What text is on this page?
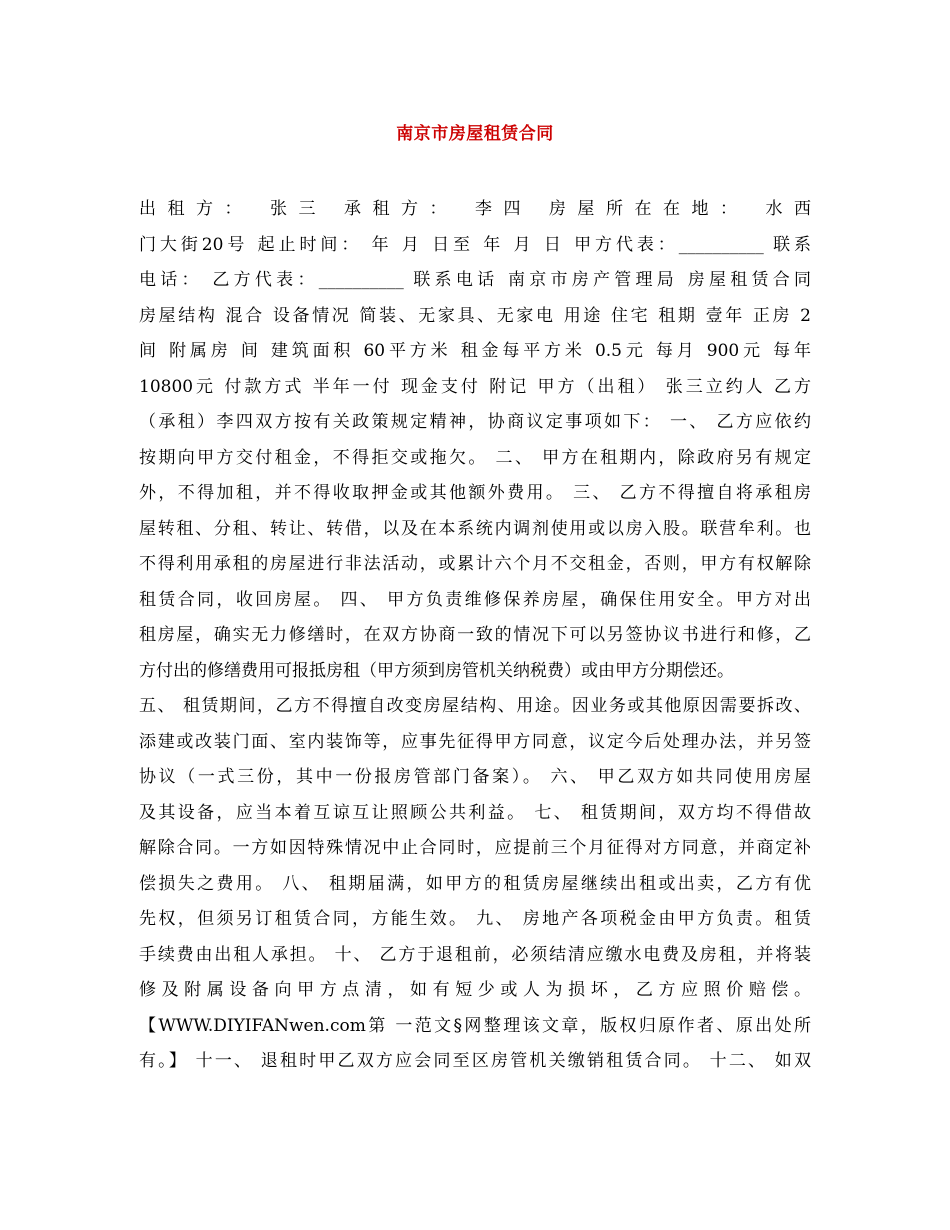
南京市房屋租赁合同
出租方： 张三 承租方： 李四 房屋所在在地： 水西
门大街20号 起止时间： 年 月 日至 年 月 日 甲方代表：__________ 联系
电话： 乙方代表：__________ 联系电话 南京市房产管理局 房屋租赁合同
房屋结构 混合 设备情况 简装、无家具、无家电 用途 住宅 租期 壹年 正房 2
间 附属房 间 建筑面积 60平方米 租金每平方米 0.5元 每月 900元 每年
10800元 付款方式 半年一付 现金支付 附记 甲方（出租） 张三立约人 乙方
（承租）李四双方按有关政策规定精神，协商议定事项如下： 一、 乙方应依约
按期向甲方交付租金，不得拒交或拖欠。 二、 甲方在租期内，除政府另有规定
外，不得加租，并不得收取押金或其他额外费用。 三、 乙方不得擅自将承租房
屋转租、分租、转让、转借，以及在本系统内调剂使用或以房入股。联营牟利。也
不得利用承租的房屋进行非法活动，或累计六个月不交租金，否则，甲方有权解除
租赁合同，收回房屋。 四、 甲方负责维修保养房屋，确保住用安全。甲方对出
租房屋，确实无力修缮时，在双方协商一致的情况下可以另签协议书进行和修，乙
方付出的修缮费用可报抵房租（甲方须到房管机关纳税费）或由甲方分期偿还。
五、 租赁期间，乙方不得擅自改变房屋结构、用途。因业务或其他原因需要拆改、
添建或改装门面、室内装饰等，应事先征得甲方同意，议定今后处理办法，并另签
协议（一式三份，其中一份报房管部门备案）。 六、 甲乙双方如共同使用房屋
及其设备，应当本着互谅互让照顾公共利益。 七、 租赁期间，双方均不得借故
解除合同。一方如因特殊情况中止合同时，应提前三个月征得对方同意，并商定补
偿损失之费用。 八、 租期届满，如甲方的租赁房屋继续出租或出卖，乙方有优
先权，但须另订租赁合同，方能生效。 九、 房地产各项税金由甲方负责。租赁
手续费由出租人承担。 十、 乙方于退租前，必须结清应缴水电费及房租，并将装
修及附属设备向甲方点清，如有短少或人为损坏，乙方应照价赔偿。
【WWW.DIYIFANwen.com第 一范文§网整理该文章，版权归原作者、原出处所
有。】 十一、 退租时甲乙双方应会同至区房管机关缴销租赁合同。 十二、 如双
